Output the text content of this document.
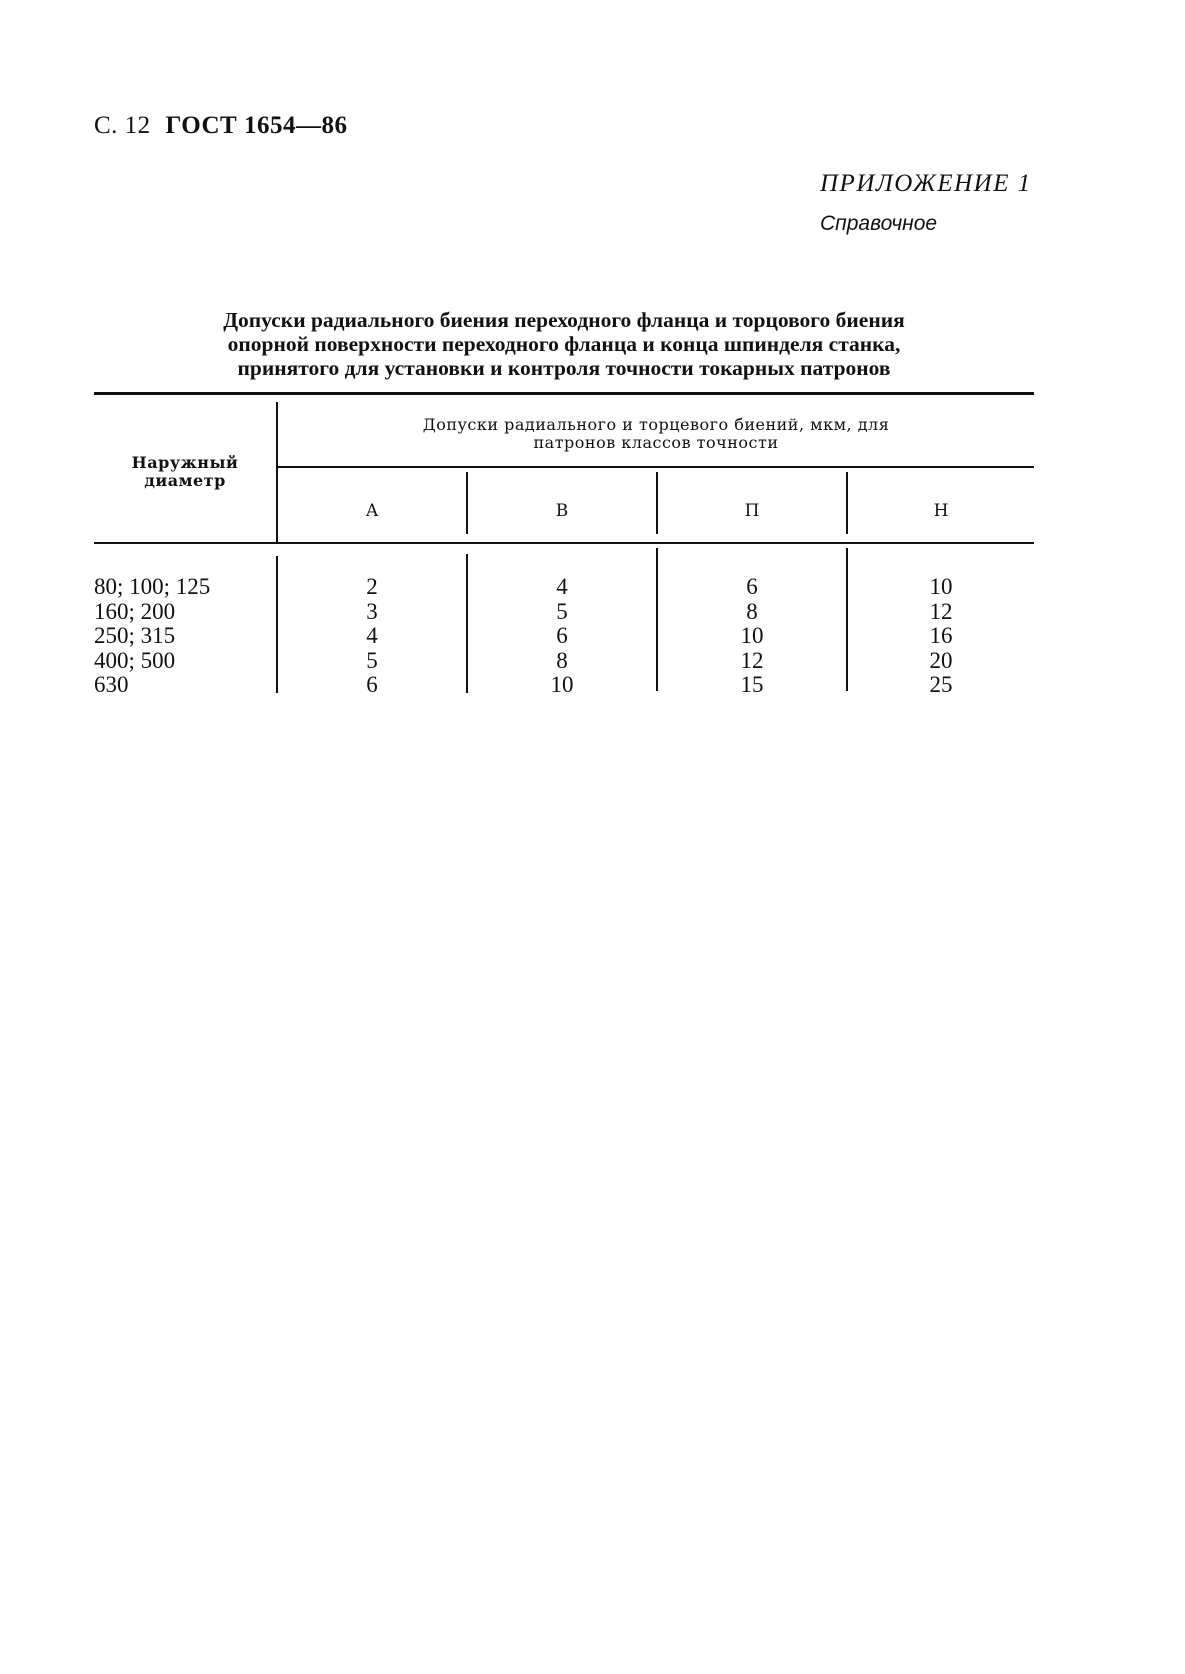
С. 12 ГОСТ 1654—86
ПРИЛОЖЕНИЕ 1
Справочное
Допуски радиального биения переходного фланца и торцового биения
опорной поверхности переходного фланца и конца шпинделя станка,
принятого для установки и контроля точности токарных патронов
Наружный
диаметр
Допуски радиального и торцевого биений, мкм, для
патронов классов точности
А	В	П	Н
80; 100; 125	2	4	6	10
160; 200	3	5	8	12
250; 315	4	6	10	16
400; 500	5	8	12	20
630	6	10	15	25
